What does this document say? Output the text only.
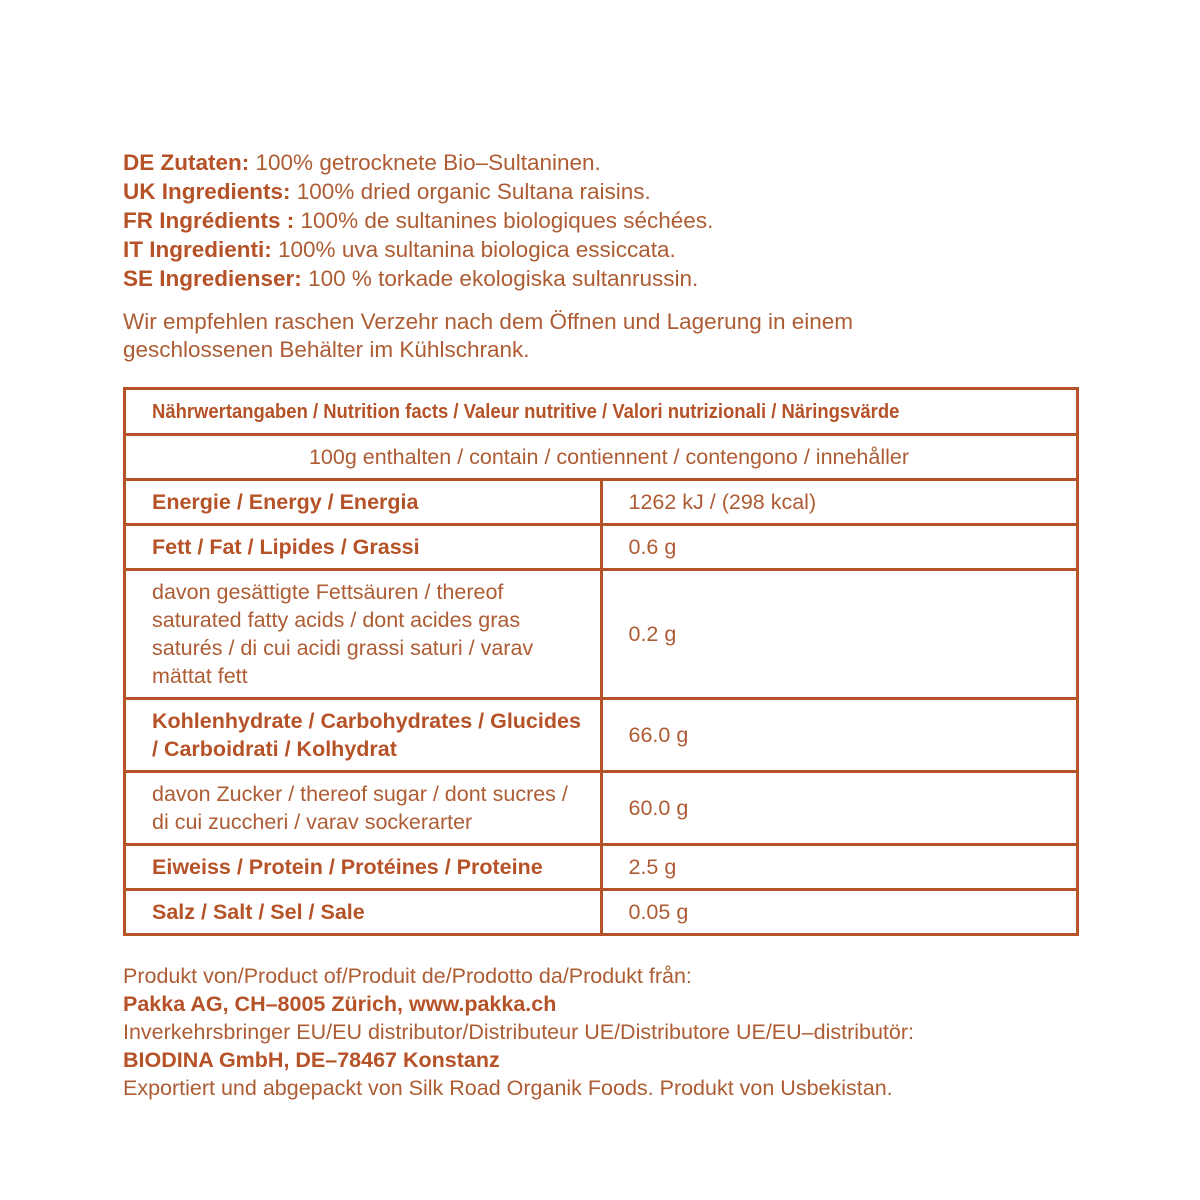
DE Zutaten: 100% getrocknete Bio–Sultaninen.
UK Ingredients: 100% dried organic Sultana raisins.
FR Ingrédients : 100% de sultanines biologiques séchées.
IT Ingredienti: 100% uva sultanina biologica essiccata.
SE Ingredienser: 100 % torkade ekologiska sultanrussin.

Wir empfehlen raschen Verzehr nach dem Öffnen und Lagerung in einem geschlossenen Behälter im Kühlschrank.

Nährwertangaben / Nutrition facts / Valeur nutritive / Valori nutrizionali / Näringsvärde	
100g enthalten / contain / contiennent / contengono / innehåller	
Energie / Energy / Energia	1262 kJ / (298 kcal)
Fett / Fat / Lipides / Grassi	0.6 g
davon gesättigte Fettsäuren / thereof saturated fatty acids / dont acides gras saturés / di cui acidi grassi saturi / varav mättat fett	0.2 g
Kohlenhydrate / Carbohydrates / Glucides / Carboidrati / Kolhydrat	66.0 g
davon Zucker / thereof sugar / dont sucres / di cui zuccheri / varav sockerarter	60.0 g
Eiweiss / Protein / Protéines / Proteine	2.5 g
Salz / Salt / Sel / Sale	0.05 g
Produkt von/Product of/Produit de/Prodotto da/Produkt från:
Pakka AG, CH–8005 Zürich, www.pakka.ch
Inverkehrsbringer EU/EU distributor/Distributeur UE/Distributore UE/EU–distributör:
BIODINA GmbH, DE–78467 Konstanz
Exportiert und abgepackt von Silk Road Organik Foods. Produkt von Usbekistan.
